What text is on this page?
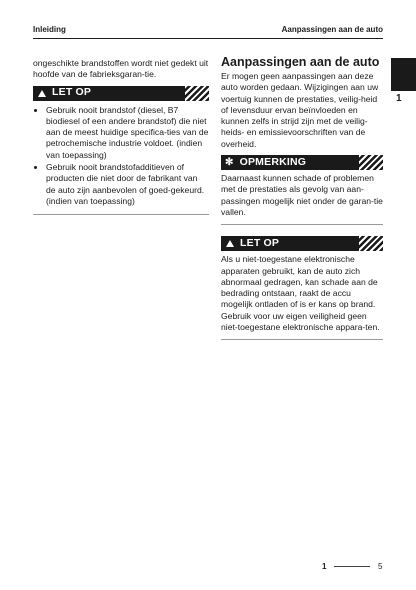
Inleiding	Aanpassingen aan de auto
1

ongeschikte brandstoffen wordt niet gedekt uit hoofde van de fabrieksgaran-tie.

LET OP
• Gebruik nooit brandstof (diesel, B7 biodiesel of een andere brandstof) die niet aan de meest huidige specifica-ties van de petrochemische industrie voldoet. (indien van toepassing)
• Gebruik nooit brandstofadditieven of producten die niet door de fabrikant van de auto zijn aanbevolen of goed-gekeurd. (indien van toepassing)
Aanpassingen aan de auto

Er mogen geen aanpassingen aan deze auto worden gedaan. Wijzigingen aan uw voertuig kunnen de prestaties, veilig-heid of levensduur ervan beïnvloeden en kunnen zelfs in strijd zijn met de veilig-heids- en emissievoorschriften van de overheid.

✻ OPMERKING

Daarnaast kunnen schade of problemen met de prestaties als gevolg van aan-passingen mogelijk niet onder de garan-tie vallen.

LET OP

Als u niet-toegestane elektronische apparaten gebruikt, kan de auto zich abnormaal gedragen, kan schade aan de bedrading ontstaan, raakt de accu mogelijk ontladen of is er kans op brand. Gebruik voor uw eigen veiligheid geen niet-toegestane elektronische appara-ten.

1	5
